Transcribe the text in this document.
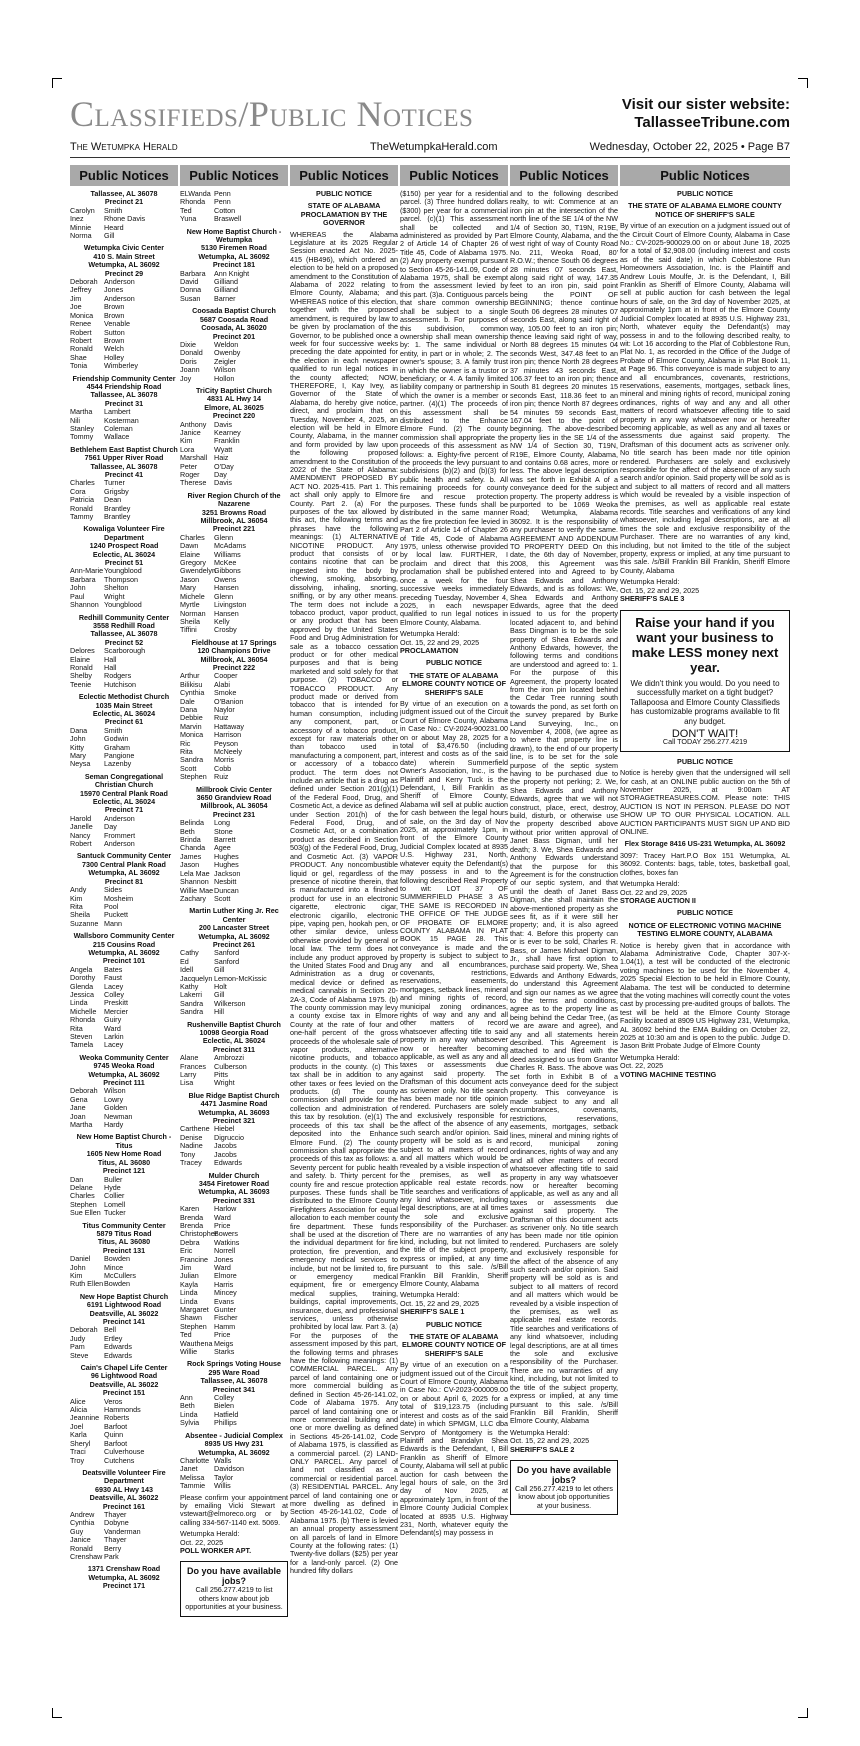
Classifieds/Public Notices	Visit our sister website:
TallasseeTribune.com
The Wetumpka Herald	TheWetumpkaHerald.com	Wednesday, October 22, 2025 • Page B7
Public Notices
Tallassee, AL 36078
Precinct 21
Carolyn	Smith
Inez	Rhone Davis
Minnie	Heard
Norma	Gill
Wetumpka Civic Center
410 S. Main Street
Wetumpka, AL 36092
Precinct 29
Deborah Anderson
Jeffrey	Jones
Jim	Anderson
Joe	Brown
Monica	Brown
Renee	Venable
Robert	Sutton
Robert	Brown
Ronald	Welch
Shae	Holley
Tonia	Wimberley
Friendship Community Center
4544 Friendship Road
Tallassee, AL 36078
Precinct 31
Martha	Lambert
Nili	Kosterman
Stanley	Coleman
Tommy	Wallace
Bethlehem East Baptist Church
7561 Upper River Road
Tallassee, AL 36078
Precinct 41
Charles	Turner
Cora	Grigsby
Patricia	Dean
Ronald	Brantley
Tammy	Brantley
Kowaliga Volunteer Fire Department
1240 Prospect Road
Eclectic, AL 36024
Precinct 51
Ann-Marie Youngblood
Barbara	Thompson
John	Shelton
Paul	Wright
Shannon Youngblood
Redhill Community Center
3558 Redhill Road
Tallassee, AL 36078
Precinct 52
Delores	Scarborough
Elaine	Hall
Ronald	Hall
Shelby	Rodgers
Teenie	Hutchison
Eclectic Methodist Church
1035 Main Street
Eclectic, AL 36024
Precinct 61
Dana	Smith
John	Godwin
Kitty	Graham
Mary	Pangione
Neysa	Lazenby
Seman Congregational Christian Church
15970 Central Plank Road
Eclectic, AL 36024
Precinct 71
Harold	Anderson
Janelle	Day
Nancy	Frommert
Robert	Anderson
Santuck Community Center
7300 Central Plank Road
Wetumpka, AL 36092
Precinct 81
Andy	Sides
Kim	Mosheim
Rita	Pool
Sheila	Puckett
Suzanne Mann
Wallsboro Community Center
215 Cousins Road
Wetumpka, AL 36092
Precinct 101
Angela	Bates
Dorothy	Faust
Glenda	Lacey
Jessica	Colley
Linda	Preskitt
Michelle	Mercier
Rhonda	Guiry
Rita	Ward
Steven	Larkin
Tamela	Lacey
Weoka Community Center
9745 Weoka Road
Wetumpka, AL 36092
Precinct 111
Deborah Wilson
Gena	Lowry
Jane	Golden
Joan	Newman
Martha	Hardy
New Home Baptist Church - Titus
1605 New Home Road
Titus, AL 36080
Precinct 121
Dan	Buller
Delane	Hyde
Charles	Collier
Stephen	Lomell
Sue Ellen Tucker
Titus Community Center
5879 Titus Road
Titus, AL 36080
Precinct 131
Daniel	Bowden
John	Mince
Kim	McCullers
Ruth Ellen Bowden
New Hope Baptist Church
6191 Lightwood Road
Deatsville, AL 36022
Precinct 141
Deborah Bell
Judy	Ertley
Pam	Edwards
Steve	Edwards
Cain's Chapel Life Center
96 Lightwood Road
Deatsville, AL 36022
Precinct 151
Alice	Veros
Alicia	Hammonds
Jeannine Roberts
Joel	Barfoot
Karla	Quinn
Sheryl	Barfoot
Traci	Culverhouse
Troy	Cutchens
Deatsville Volunteer Fire Department
6930 AL Hwy 143
Deatsville, AL 36022
Precinct 161
Andrew	Thayer
Cynthia	Dobyne
Guy	Vanderman
Janice	Thayer
Ronald	Berry
Crenshaw Park
1371 Crenshaw Road
Wetumpka, AL 36092
Precinct 171
Public Notices
ELWanda Penn
Rhonda	Penn
Ted	Cotton
Yuna	Braswell
New Home Baptist Church - Wetumpka
5130 Firemen Road
Wetumpka, AL 36092
Precinct 181
Barbara	Ann Knight
David	Gilliand
Donna	Gilliand
Susan	Barner
Coosada Baptist Church
5687 Coosada Road
Coosada, AL 36020
Precinct 201
Dixie	Weldon
Donald	Owenby
Doris	Zeigler
Joann	Wilson
Joy	Hollon
TriCity Baptist Church
4831 AL Hwy 14
Elmore, AL 36025
Precinct 220
Anthony	Davis
Janice	Kearney
Kim	Franklin
Lora	Wyatt
Marshall Haiz
Peter	O'Day
Roger	Day
Therese	Davis
River Region Church of the Nazarene
3251 Browns Road
Millbrook, AL 36054
Precinct 221
Charles	Glenn
Dawn	McAdams
Elaine	Williams
Gregory	McKee
Gwendelyn
Gibbons
Jason	Owens
Mary	Hansen
Michele	Glenn
Myrtle	Livingston
Norman	Hansen
Sheila	Kelly
Tiffini	Crosby
Fieldhouse at 17 Springs
120 Champions Drive
Millbrook, AL 36054
Precinct 222
Arthur	Cooper
Bilikisu	Alabi
Cynthia	Smoke
Dale	O'Banion
Dana	Naylor
Debbie	Ruiz
Marvin	Hattaway
Monica	Harrison
Ric	Peyson
Rita	McNeely
Sandra	Morris
Scott	Cobb
Stephen	Ruiz
Millbrook Civic Center
3650 Grandview Road
Millbrook, AL 36054
Precinct 231
Belinda	Long
Beth	Stone
Brinda	Barrett
Chanda	Agee
James	Hughes
Jason	Hughes
Lela Mae Jackson
Shannon Nesbitt
Willie Mae Duncan
Zachary	Scott
Martin Luther King Jr. Rec Center
200 Lancaster Street
Wetumpka, AL 36092
Precinct 261
Cathy	Sanford
Ed	Sanford
Idell	Gill
Jacquelyn Lemon-McKissic
Kathy	Holt
Lakerri	Gill
Sandra	Wilkerson
Sandra	Hill
Rushenville Baptist Church
10098 Georgia Road
Eclectic, AL 36024
Precinct 311
Alane	Ambrozzi
Frances	Culberson
Larry	Pitts
Lisa	Wright
Blue Ridge Baptist Church
4471 Jasmine Road
Wetumpka, AL 36093
Precinct 321
Carthene Hiebel
Denise	Digruccio
Nadine	Jacobs
Tony	Jacobs
Tracey	Edwards
Mulder Church
3454 Firetower Road
Wetumpka, AL 36093
Precinct 331
Karen	Harlow
Brenda	Ward
Brenda	Price
Christopher
Bowers
Debra	Watkins
Eric	Norrell
Francine Jones
Jim	Ward
Julian	Elmore
Kayla	Harris
Linda	Mincey
Linda	Evans
Margaret Gunter
Shawn	Fischer
Stephen	Hamm
Ted	Price
Wauthena Meigs
Willie	Starks
Rock Springs Voting House
295 Ware Road
Tallassee, AL 36078
Precinct 341
Ann	Colley
Beth	Bielen
Linda	Hatfield
Sylvia	Phillips
Absentee - Judicial Complex
8935 US Hwy 231
Wetumpka, AL 36092
Charlotte Walls
Janet	Davidson
Melissa	Taylor
Tammie	Willis
Please confirm your appointment by emailing Vicki Stewart at vstewart@elmoreco.org or by calling 334-567-1140 ext. 5069.
Wetumpka Herald:
Oct. 22, 2025
POLL WORKER APT.
Do you have available jobs?
Call 256.277.4219 to list others know about job opportunities at your business.
Public Notices
PUBLIC NOTICE
STATE OF ALABAMA PROCLAMATION BY THE GOVERNOR
WHEREAS the Alabama Legislature at its 2025 Regular Session enacted Act No. 2025-415 (HB496), which ordered an election to be held on a proposed amendment to the Constitution of Alabama of 2022 relating to Elmore County, Alabama; and WHEREAS notice of this election, together with the proposed amendment, is required by law to be given by proclamation of the Governor, to be published once a week for four successive weeks preceding the date appointed for the election in each newspaper qualified to run legal notices in the county affected; NOW, THEREFORE, I, Kay Ivey, as Governor of the State of Alabama, do hereby give notice, direct, and proclaim that on Tuesday, November 4, 2025, an election will be held in Elmore County, Alabama, in the manner and form provided by law upon the following proposed amendment to the Constitution of 2022 of the State of Alabama: AMENDMENT PROPOSED BY ACT NO. 2025-415. Part 1. This act shall only apply to Elmore County. Part 2. (a) For the purposes of the tax allowed by this act, the following terms and phrases have the following meanings: (1) ALTERNATIVE NICOTINE PRODUCT. Any product that consists of or contains nicotine that can be ingested into the body by chewing, smoking, absorbing, dissolving, inhaling, snorting, sniffing, or by any other means. The term does not include a tobacco product, vapor product, or any product that has been approved by the United States Food and Drug Administration for sale as a tobacco cessation product or for other medical purposes and that is being marketed and sold solely for that purpose. (2) TOBACCO or TOBACCO PRODUCT. Any product made or derived from tobacco that is intended for human consumption, including any component, part, or accessory of a tobacco product, except for raw materials other than tobacco used in manufacturing a component, part, or accessory of a tobacco product. The term does not include an article that is a drug as defined under Section 201(g)(1) of the Federal Food, Drug, and Cosmetic Act, a device as defined under Section 201(h) of the Federal Food, Drug, and Cosmetic Act, or a combination product as described in Section 503(g) of the Federal Food, Drug, and Cosmetic Act. (3) VAPOR PRODUCT. Any noncombustible liquid or gel, regardless of the presence of nicotine therein, that is manufactured into a finished product for use in an electronic cigarette, electronic cigar, electronic cigarillo, electronic pipe, vaping pen, hookah pen, or other similar device, unless otherwise provided by general or local law. The term does not include any product approved by the United States Food and Drug Administration as a drug or medical device or defined as medical cannabis in Section 20-2A-3, Code of Alabama 1975. (b) The county commission may levy a county excise tax in Elmore County at the rate of four and one-half percent of the gross proceeds of the wholesale sale of vapor products, alternative nicotine products, and tobacco products in the county. (c) This tax shall be in addition to any other taxes or fees levied on the products. (d) The county commission shall provide for the collection and administration of this tax by resolution. (e)(1) The proceeds of this tax shall be deposited into the Enhance Elmore Fund. (2) The county commission shall appropriate the proceeds of this tax as follows: a. Seventy percent for public health and safety. b. Thirty percent for county fire and rescue protection purposes. These funds shall be distributed to the Elmore County Firefighters Association for equal allocation to each member county fire department. These funds shall be used at the discretion of the individual department for fire protection, fire prevention, and emergency medical services to include, but not be limited to, fire or emergency medical equipment, fire or emergency medical supplies, training, buildings, capital improvements, insurance, dues, and professional services, unless otherwise prohibited by local law. Part 3. (a) For the purposes of the assessment imposed by this part, the following terms and phrases have the following meanings: (1) COMMERCIAL PARCEL. Any parcel of land containing one or more commercial building as defined in Section 45-26-141.02, Code of Alabama 1975. Any parcel of land containing one or more commercial building and one or more dwelling as defined in Sections 45-26-141.02, Code of Alabama 1975, is classified as a commercial parcel. (2) LAND-ONLY PARCEL. Any parcel of land not classified as a commercial or residential parcel. (3) RESIDENTIAL PARCEL. Any parcel of land containing one or more dwelling as defined in Section 45-26-141.02, Code of Alabama 1975. (b) There is levied an annual property assessment on all parcels of land in Elmore County at the following rates: (1) Twenty-five dollars ($25) per year for a land-only parcel. (2) One hundred fifty dollars
Public Notices
($150) per year for a residential parcel. (3) Three hundred dollars ($300) per year for a commercial parcel. (c)(1) This assessment shall be collected and administered as provided by Part 2 of Article 14 of Chapter 26 of Title 45, Code of Alabama 1975. (2) Any property exempt pursuant to Section 45-26-141.09, Code of Alabama 1975, shall be exempt from the assessment levied by this part. (3)a. Contiguous parcels that share common ownership shall be subject to a single assessment. b. For purposes of this subdivision, common ownership shall mean ownership by: 1. The same individual or entity, in part or in whole; 2. The owner's spouse; 3. A family trust in which the owner is a trustor or beneficiary; or 4. A family limited liability company or partnership in which the owner is a member or partner. (4)(1) The proceeds of this assessment shall be distributed to the Enhance Elmore Fund. (2) The county commission shall appropriate the proceeds of this assessment as follows: a. Eighty-five percent of the proceeds the levy pursuant to subdivisions (b)(2) and (b)(3) for public health and safety. b. All remaining proceeds for county fire and rescue protection purposes. These funds shall be distributed in the same manner as the fire protection fee levied in Part 2 of Article 14 of Chapter 26 of Title 45, Code of Alabama 1975, unless otherwise provided by local law. FURTHER, I proclaim and direct that this proclamation shall be published once a week for the four successive weeks immediately preceding Tuesday, November 4, 2025, in each newspaper qualified to run legal notices in Elmore County, Alabama.
Wetumpka Herald:
Oct. 15, 22 and 29, 2025
PROCLAMATION
PUBLIC NOTICE
THE STATE OF ALABAMA ELMORE COUNTY NOTICE OF SHERIFF'S SALE
By virtue of an execution on a judgment issued out of the Circuit Court of Elmore County, Alabama in Case No.: CV-2024-900231.00 on or about May 28, 2025 for a total of $3,476.50 (including interest and costs as of the said date) wherein Summerfield Owner's Association, Inc., is the Plaintiff and Kerry Tuck is the Defendant, I, Bill Franklin as Sheriff of Elmore County, Alabama will sell at public auction for cash between the legal hours of sale, on the 3rd day of Nov 2025, at approximately 1pm, in front of the Elmore County Judicial Complex located at 8935 U.S. Highway 231, North, whatever equity the Defendant(s) may possess in and to the following described Real Property to wit: LOT 37 OF SUMMERFIELD PHASE 3 AS THE SAME IS RECORDED IN THE OFFICE OF THE JUDGE OF PROBATE OF ELMORE COUNTY ALABAMA IN PLAT BOOK 15 PAGE 28. This conveyance is made and the property is subject to subject to any and all encumbrances, covenants, restrictions, reservations, easements, mortgages, setback lines, mineral and mining rights of record, municipal zoning ordinances, rights of way and any and all other matters of record whatsoever affecting title to said property in any way whatsoever now or hereafter becoming applicable, as well as any and all taxes or assessments due against said property. The Draftsman of this document acts as scrivener only. No title search has been made nor title opinion rendered. Purchasers are solely and exclusively responsible for the affect of the absence of any such search and/or opinion. Said property will be sold as is and subject to all matters of record and all matters which would be revealed by a visible inspection of the premises, as well as applicable real estate records. Title searches and verifications of any kind whatsoever, including legal descriptions, are at all times the sole and exclusive responsibility of the Purchaser. There are no warranties of any kind, including, but not limited to the title of the subject property, express or implied, at any time pursuant to this sale. /s/Bill Franklin Bill Franklin, Sheriff Elmore County, Alabama
Wetumpka Herald:
Oct. 15, 22 and 29, 2025
SHERIFF'S SALE 1
PUBLIC NOTICE
THE STATE OF ALABAMA ELMORE COUNTY NOTICE OF SHERIFF'S SALE
By virtue of an execution on a judgment issued out of the Circuit Court of Elmore County, Alabama in Case No.: CV-2023-000009.00 on or about April 6, 2025 for a total of $19,123.75 (including interest and costs as of the said date) in which SPMGM, LLC dba Servpro of Montgomery is the Plaintiff and Brandalyn Shea Edwards is the Defendant, I, Bill Franklin as Sheriff of Elmore County, Alabama will sell at public auction for cash between the legal hours of sale, on the 3rd day of Nov 2025, at approximately 1pm, in front of the Elmore County Judicial Complex located at 8935 U.S. Highway 231, North, whatever equity the Defendant(s) may possess in
Public Notices
and to the following described realty, to wit: Commence at an iron pin at the intersection of the north line of the SE 1/4 of the NW 1/4 of Section 30, T19N, R19E, Elmore County, Alabama, and the west right of way of County Road No. 211, Weoka Road, 80' R.O.W.; thence South 06 degrees 28 minutes 07 seconds East, along said right of way, 147.35 feet to an iron pin, said point being the POINT OF BEGINNING; thence continue South 06 degrees 28 minutes 07 seconds East, along said right of way, 105.00 feet to an iron pin; thence leaving said right of way, North 88 degrees 15 minutes 04 seconds West, 347.48 feet to an iron pin; thence North 28 degrees 37 minutes 43 seconds East, 106.37 feet to an iron pin; thence South 81 degrees 20 minutes 15 seconds East, 118.36 feet to an iron pin; thence North 87 degrees 54 minutes 59 seconds East, 167.04 feet to the point of beginning. The above-described property lies in the SE 1/4 of the NW 1/4 of Section 30, T19N, R19E, Elmore County, Alabama, and contains 0.68 acres, more or less. The above legal description was set forth in Exhibit A of a conveyance deed for the subject property. The property address is purported to be 1069 Weoka Road; Wetumpka, Alabama 36092. It is the responsibility of any purchaser to verify the same. AGREEMENT AND ADDENDUM TO PROPERTY DEED On this date, the 6th day of November, 2008, this Agreement was entered into and Agreed to by Shea Edwards and Anthony Edwards, and is as follows: We, Shea Edwards and Anthony Edwards, agree that the deed issued to us for the property located adjacent to, and behind Bass Dingman is to be the sole property of Shea Edwards and Anthony Edwards, however, the following terms and conditions are understood and agreed to: 1. For the purpose of this Agreement, the property located from the iron pin located behind the Cedar Tree running south towards the pond, as set forth on the survey prepared by Burke Land Surveying, Inc., on November 4, 2008, (we agree as to where that property line is drawn), to the end of our property line, is to be set for the sole purpose of the septic system having to be purchased due to the property not perking; 2. We, Shea Edwards and Anthony Edwards, agree that we will not construct, place, erect, destroy, build, disturb, or otherwise use the property described above without prior written approval of Janet Bass Digman, until her death; 3. We, Shea Edwards and Anthony Edwards understand that the purpose for this Agreement is for the construction of our septic system, and that until the death of Janet Bass Digman, she shall maintain the above-mentioned property as she sees fit, as if it were still her property; and, it is also agreed that: 4. Before this property can or is ever to be sold, Charles R. Bass, or James Michael Digman, Jr., shall have first option to purchase said property. We, Shea Edwards and Anthony Edwards, do understand this Agreement and sign our names as we agree to the terms and conditions, agree as to the property line as being behind the Cedar Tree, (as we are aware and agree), and any and all statements herein described. This Agreement is attached to and filed with the deed assigned to us from Grantor Charles R. Bass. The above was set forth in Exhibit B of a conveyance deed for the subject property. This conveyance is made subject to any and all encumbrances, covenants, restrictions, reservations, easements, mortgages, setback lines, mineral and mining rights of record, municipal zoning ordinances, rights of way and any and all other matters of record whatsoever affecting title to said property in any way whatsoever now or hereafter becoming applicable, as well as any and all taxes or assessments due against said property. The Draftsman of this document acts as scrivener only. No title search has been made nor title opinion rendered. Purchasers are solely and exclusively responsible for the affect of the absence of any such search and/or opinion. Said property will be sold as is and subject to all matters of record and all matters which would be revealed by a visible inspection of the premises, as well as applicable real estate records. Title searches and verifications of any kind whatsoever, including legal descriptions, are at all times the sole and exclusive responsibility of the Purchaser. There are no warranties of any kind, including, but not limited to the title of the subject property, express or implied, at any time pursuant to this sale. /s/Bill Franklin Bill Franklin, Sheriff Elmore County, Alabama
Wetumpka Herald:
Oct. 15, 22 and 29, 2025
SHERIFF'S SALE 2
Do you have available jobs?
Call 256.277.4219 to let others know about job opportunities at your business.
Public Notices
PUBLIC NOTICE
THE STATE OF ALABAMA ELMORE COUNTY NOTICE OF SHERIFF'S SALE
By virtue of an execution on a judgment issued out of the Circuit Court of Elmore County, Alabama in Case No.: CV-2025-900029.00 on or about June 18, 2025 for a total of $2,908.00 (including interest and costs as of the said date) in which Cobblestone Run Homeowners Association, Inc. is the Plaintiff and Andrew Louis Moulfe, Jr. is the Defendant, I, Bill Franklin as Sheriff of Elmore County, Alabama will sell at public auction for cash between the legal hours of sale, on the 3rd day of November 2025, at approximately 1pm at in front of the Elmore County Judicial Complex located at 8935 U.S. Highway 231, North, whatever equity the Defendant(s) may possess in and to the following described realty, to wit: Lot 16 according to the Plat of Cobblestone Run, Plat No. 1, as recorded in the Office of the Judge of Probate of Elmore County, Alabama in Plat Book 11, at Page 96. This conveyance is made subject to any and all encumbrances, covenants, restrictions, reservations, easements, mortgages, setback lines, mineral and mining rights of record, municipal zoning ordinances, rights of way and any and all other matters of record whatsoever affecting title to said property in any way whatsoever now or hereafter becoming applicable, as well as any and all taxes or assessments due against said property. The Draftsman of this document acts as scrivener only. No title search has been made nor title opinion rendered. Purchasers are solely and exclusively responsible for the affect of the absence of any such search and/or opinion. Said property will be sold as is and subject to all matters of record and all matters which would be revealed by a visible inspection of the premises, as well as applicable real estate records. Title searches and verifications of any kind whatsoever, including legal descriptions, are at all times the sole and exclusive responsibility of the Purchaser. There are no warranties of any kind, including, but not limited to the title of the subject property, express or implied, at any time pursuant to this sale. /s/Bill Franklin Bill Franklin, Sheriff Elmore County, Alabama
Wetumpka Herald:
Oct. 15, 22 and 29, 2025
SHERIFF'S SALE 3
Raise your hand if you want your business to make LESS money next year.
We didn't think you would. Do you need to successfully market on a tight budget? Tallapoosa and Elmore County Classifieds has customizable programs available to fit any budget.
DON'T WAIT!
Call TODAY 256.277.4219
PUBLIC NOTICE
Notice is hereby given that the undersigned will sell for cash, at an ONLINE public auction on the 5th of November 2025, at 9:00am AT STORAGETREASURES.COM. Please note: THIS AUCTION IS NOT IN PERSON. PLEASE DO NOT SHOW UP TO OUR PHYSICAL LOCATION. ALL AUCTION PARTICIPANTS MUST SIGN UP AND BID ONLINE.
Flex Storage 8416 US-231 Wetumpka, AL 36092
3097: Tracey Hart.P.O Box 151 Wetumpka, AL 36092. Contents: bags, table, totes, basketball goal, clothes, boxes fan
Wetumpka Herald:
Oct. 22 and 29, 2025
STORAGE AUCTION II
PUBLIC NOTICE
NOTICE OF ELECTRONIC VOTING MACHINE TESTING ELMORE COUNTY, ALABAMA
Notice is hereby given that in accordance with Alabama Administrative Code, Chapter 307-X-1.04(1), a test will be conducted of the electronic voting machines to be used for the November 4, 2025 Special Election to be held in Elmore County, Alabama. The test will be conducted to determine that the voting machines will correctly count the votes cast by processing pre-audited groups of ballots. The test will be held at the Elmore County Storage Facility located at 8909 US Highway 231, Wetumpka, AL 36092 behind the EMA Building on October 22, 2025 at 10:30 am and is open to the public. Judge D. Jason Britt Probate Judge of Elmore County
Wetumpka Herald:
Oct. 22, 2025
VOTING MACHINE TESTING
